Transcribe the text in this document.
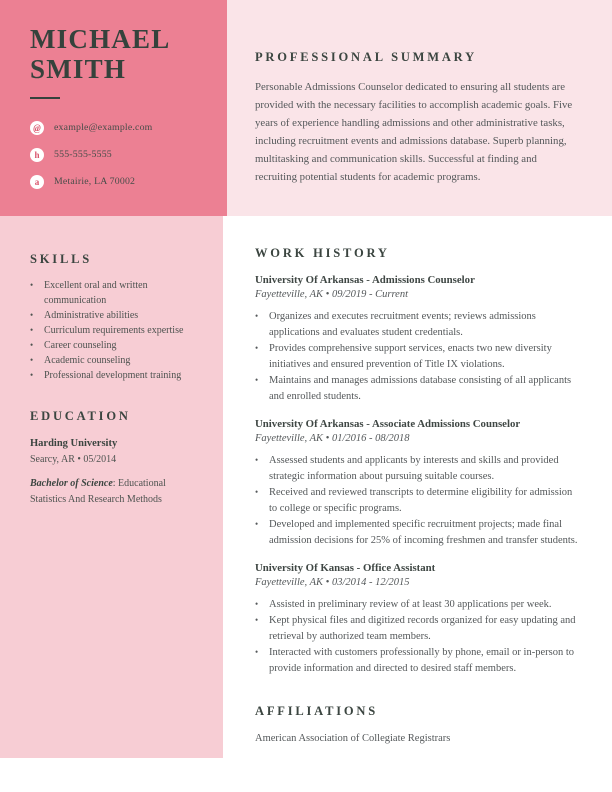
MICHAEL
SMITH
@	example@example.com
h	555-555-5555
a	Metairie, LA 70002
SKILLS
•	Excellent oral and written communication
•	Administrative abilities
•	Curriculum requirements expertise
•	Career counseling
•	Academic counseling
•	Professional development training
EDUCATION
Harding University
Searcy, AR • 05/2014

Bachelor of Science: Educational Statistics And Research Methods

PROFESSIONAL SUMMARY

Personable Admissions Counselor dedicated to ensuring all students are provided with the necessary facilities to accomplish academic goals. Five years of experience handling admissions and other administrative tasks, including recruitment events and admissions database. Superb planning, multitasking and communication skills. Successful at finding and recruiting potential students for academic programs.

WORK HISTORY
University Of Arkansas - Admissions Counselor
Fayetteville, AK • 09/2019 - Current
•	Organizes and executes recruitment events; reviews admissions applications and evaluates student credentials.
•	Provides comprehensive support services, enacts two new diversity initiatives and ensured prevention of Title IX violations.
•	Maintains and manages admissions database consisting of all applicants and enrolled students.
University Of Arkansas - Associate Admissions Counselor
Fayetteville, AK • 01/2016 - 08/2018
•	Assessed students and applicants by interests and skills and provided strategic information about pursuing suitable courses.
•	Received and reviewed transcripts to determine eligibility for admission to college or specific programs.
•	Developed and implemented specific recruitment projects; made final admission decisions for 25% of incoming freshmen and transfer students.
University Of Kansas - Office Assistant
Fayetteville, AK • 03/2014 - 12/2015
•	Assisted in preliminary review of at least 30 applications per week.
•	Kept physical files and digitized records organized for easy updating and retrieval by authorized team members.
•	Interacted with customers professionally by phone, email or in-person to provide information and directed to desired staff members.
AFFILIATIONS

American Association of Collegiate Registrars
